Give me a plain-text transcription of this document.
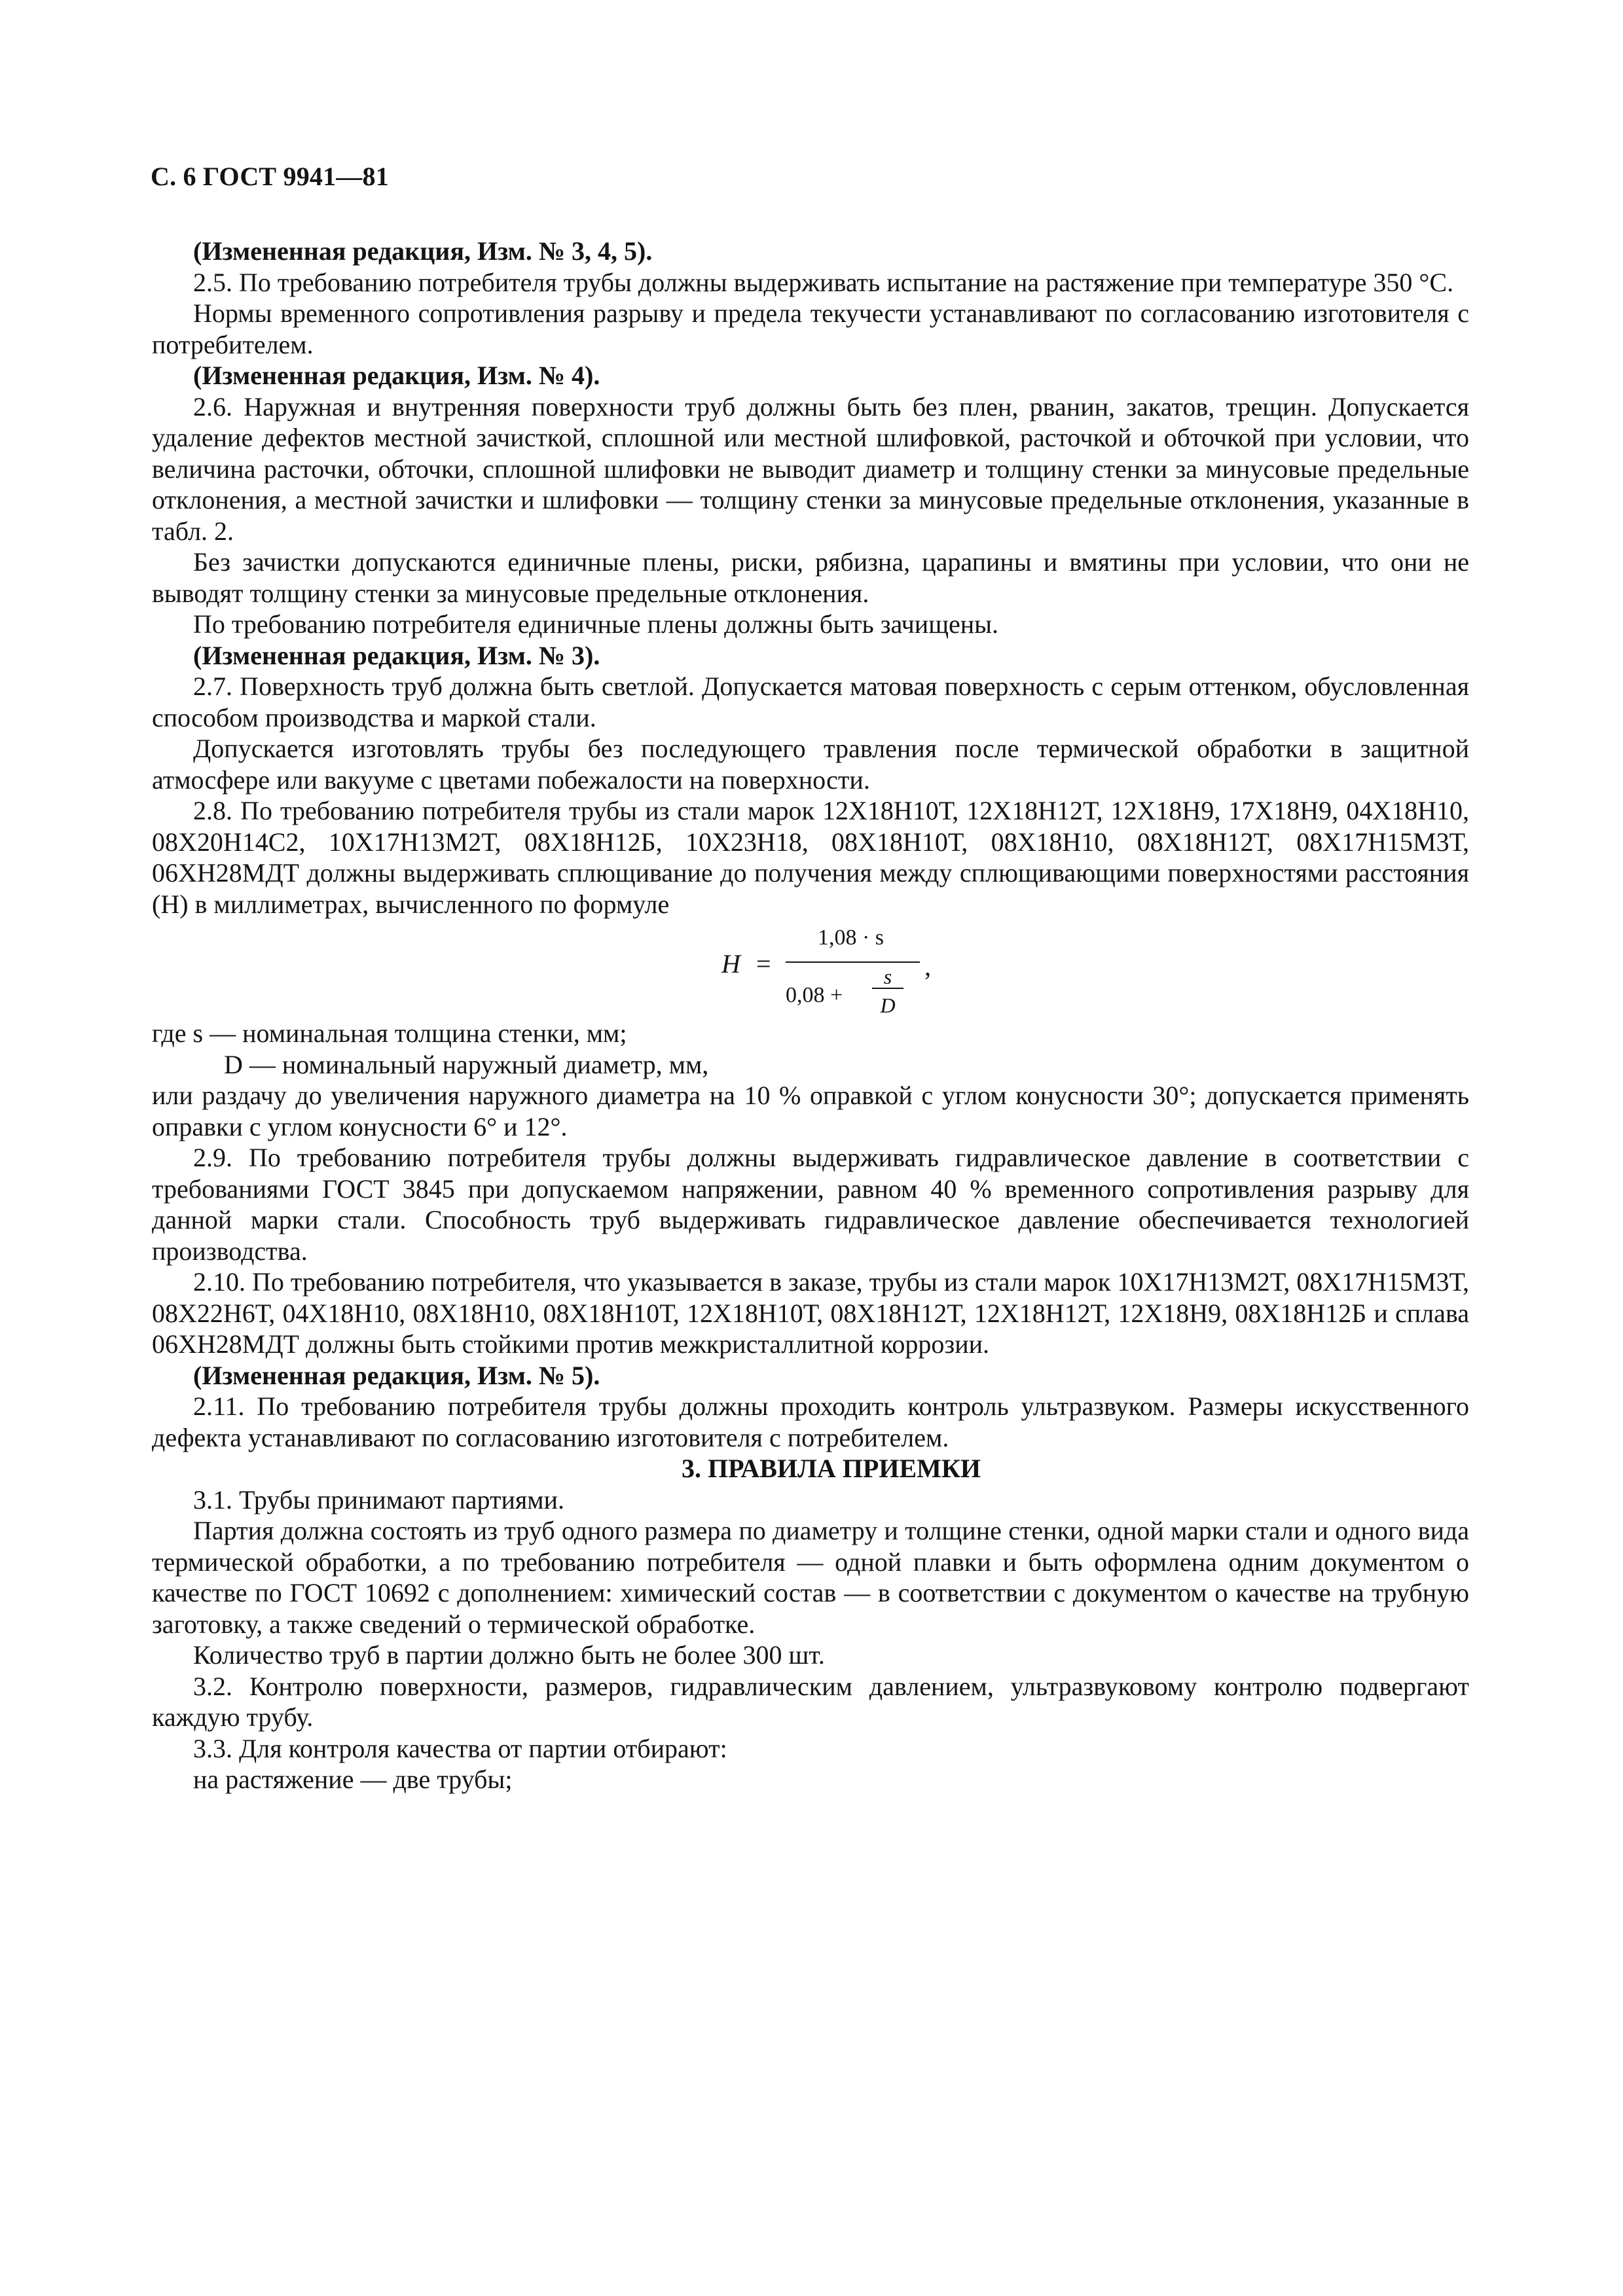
С. 6 ГОСТ 9941—81

(Измененная редакция, Изм. № 3, 4, 5).

2.5. По требованию потребителя трубы должны выдерживать испытание на растяжение при температуре 350 °С.

Нормы временного сопротивления разрыву и предела текучести устанавливают по согласованию изготовителя с потребителем.

(Измененная редакция, Изм. № 4).

2.6. Наружная и внутренняя поверхности труб должны быть без плен, рванин, закатов, трещин. Допускается удаление дефектов местной зачисткой, сплошной или местной шлифовкой, расточкой и обточкой при условии, что величина расточки, обточки, сплошной шлифовки не выводит диаметр и толщину стенки за минусовые предельные отклонения, а местной зачистки и шлифовки — толщину стенки за минусовые предельные отклонения, указанные в табл. 2.

Без зачистки допускаются единичные плены, риски, рябизна, царапины и вмятины при условии, что они не выводят толщину стенки за минусовые предельные отклонения.

По требованию потребителя единичные плены должны быть зачищены.

(Измененная редакция, Изм. № 3).

2.7. Поверхность труб должна быть светлой. Допускается матовая поверхность с серым оттенком, обусловленная способом производства и маркой стали.

Допускается изготовлять трубы без последующего травления после термической обработки в защитной атмосфере или вакууме с цветами побежалости на поверхности.

2.8. По требованию потребителя трубы из стали марок 12Х18Н10Т, 12Х18Н12Т, 12Х18Н9, 17Х18Н9, 04Х18Н10, 08Х20Н14С2, 10Х17Н13М2Т, 08Х18Н12Б, 10Х23Н18, 08Х18Н10Т, 08Х18Н10, 08Х18Н12Т, 08Х17Н15М3Т, 06ХН28МДТ должны выдерживать сплющивание до получения между сплющивающими поверхностями расстояния (Н) в миллиметрах, вычисленного по формуле

H =
1,08 · s
0,08 +
s
D
,

где s — номинальная толщина стенки, мм;

D — номинальный наружный диаметр, мм,

или раздачу до увеличения наружного диаметра на 10 % оправкой с углом конусности 30°; допускается применять оправки с углом конусности 6° и 12°.

2.9. По требованию потребителя трубы должны выдерживать гидравлическое давление в соответствии с требованиями ГОСТ 3845 при допускаемом напряжении, равном 40 % временного сопротивления разрыву для данной марки стали. Способность труб выдерживать гидравлическое давление обеспечивается технологией производства.

2.10. По требованию потребителя, что указывается в заказе, трубы из стали марок 10Х17Н13М2Т, 08Х17Н15М3Т, 08Х22Н6Т, 04Х18Н10, 08Х18Н10, 08Х18Н10Т, 12Х18Н10Т, 08Х18Н12Т, 12Х18Н12Т, 12Х18Н9, 08Х18Н12Б и сплава 06ХН28МДТ должны быть стойкими против межкристаллитной коррозии.

(Измененная редакция, Изм. № 5).

2.11. По требованию потребителя трубы должны проходить контроль ультразвуком. Размеры искусственного дефекта устанавливают по согласованию изготовителя с потребителем.

3. ПРАВИЛА ПРИЕМКИ

3.1. Трубы принимают партиями.

Партия должна состоять из труб одного размера по диаметру и толщине стенки, одной марки стали и одного вида термической обработки, а по требованию потребителя — одной плавки и быть оформлена одним документом о качестве по ГОСТ 10692 с дополнением: химический состав — в соответствии с документом о качестве на трубную заготовку, а также сведений о термической обработке.

Количество труб в партии должно быть не более 300 шт.

3.2. Контролю поверхности, размеров, гидравлическим давлением, ультразвуковому контролю подвергают каждую трубу.

3.3. Для контроля качества от партии отбирают:

на растяжение — две трубы;
